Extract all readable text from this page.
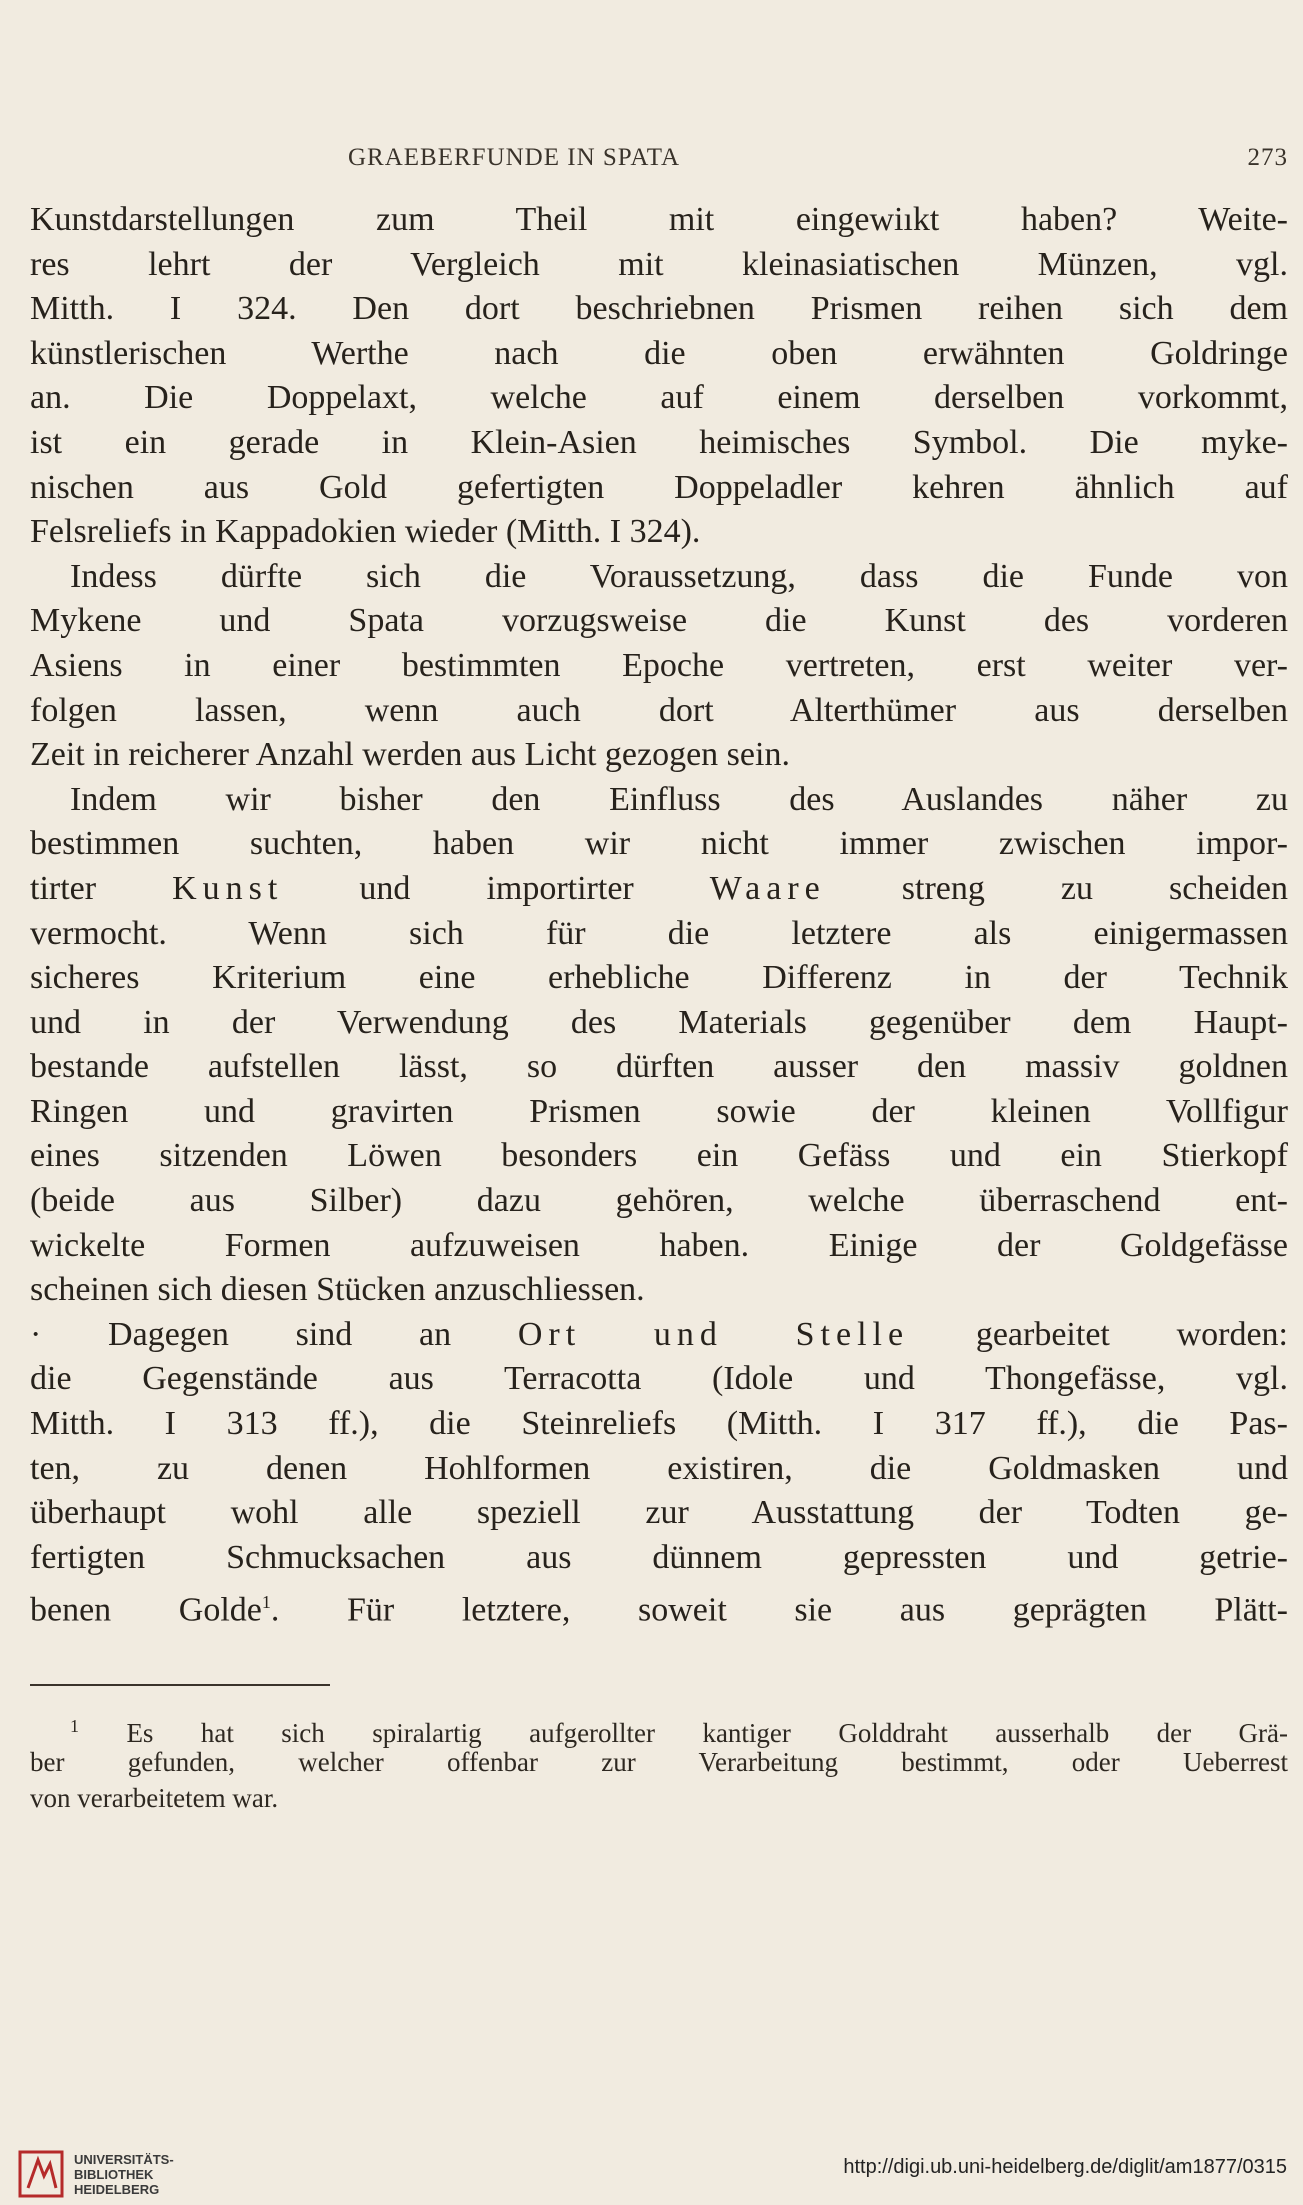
GRAEBERFUNDE IN SPATA	273
Kunstdarstellungen zum Theil mit eingewiıkt haben? Weite-
res lehrt der Vergleich mit kleinasiatischen Münzen, vgl.
Mitth. I 324. Den dort beschriebnen Prismen reihen sich dem
künstlerischen Werthe nach die oben erwähnten Goldringe
an. Die Doppelaxt, welche auf einem derselben vorkommt,
ist ein gerade in Klein-Asien heimisches Symbol. Die myke-
nischen aus Gold gefertigten Doppeladler kehren ähnlich auf
Felsreliefs in Kappadokien wieder (Mitth. I 324).
Indess dürfte sich die Voraussetzung, dass die Funde von
Mykene und Spata vorzugsweise die Kunst des vorderen
Asiens in einer bestimmten Epoche vertreten, erst weiter ver-
folgen lassen, wenn auch dort Alterthümer aus derselben
Zeit in reicherer Anzahl werden aus Licht gezogen sein.
Indem wir bisher den Einfluss des Auslandes näher zu
bestimmen suchten, haben wir nicht immer zwischen impor-
tirter Kunst und importirter Waare streng zu scheiden
vermocht. Wenn sich für die letztere als einigermassen
sicheres Kriterium eine erhebliche Differenz in der Technik
und in der Verwendung des Materials gegenüber dem Haupt-
bestande aufstellen lässt, so dürften ausser den massiv goldnen
Ringen und gravirten Prismen sowie der kleinen Vollfigur
eines sitzenden Löwen besonders ein Gefäss und ein Stierkopf
(beide aus Silber) dazu gehören, welche überraschend ent-
wickelte Formen aufzuweisen haben. Einige der Goldgefässe
scheinen sich diesen Stücken anzuschliessen.
· Dagegen sind an Ort und Stelle gearbeitet worden:
die Gegenstände aus Terracotta (Idole und Thongefässe, vgl.
Mitth. I 313 ff.), die Steinreliefs (Mitth. I 317 ff.), die Pas-
ten, zu denen Hohlformen existiren, die Goldmasken und
überhaupt wohl alle speziell zur Ausstattung der Todten ge-
fertigten Schmucksachen aus dünnem gepressten und getrie-
benen Golde$^1$. Für letztere, soweit sie aus geprägten Plätt-
$^1$ Es hat sich spiralartig aufgerollter kantiger Golddraht ausserhalb der Grä-
ber gefunden, welcher offenbar zur Verarbeitung bestimmt, oder Ueberrest
von verarbeitetem war.
UNIVERSITÄTS-
BIBLIOTHEK
HEIDELBERG
http://digi.ub.uni-heidelberg.de/diglit/am1877/0315
